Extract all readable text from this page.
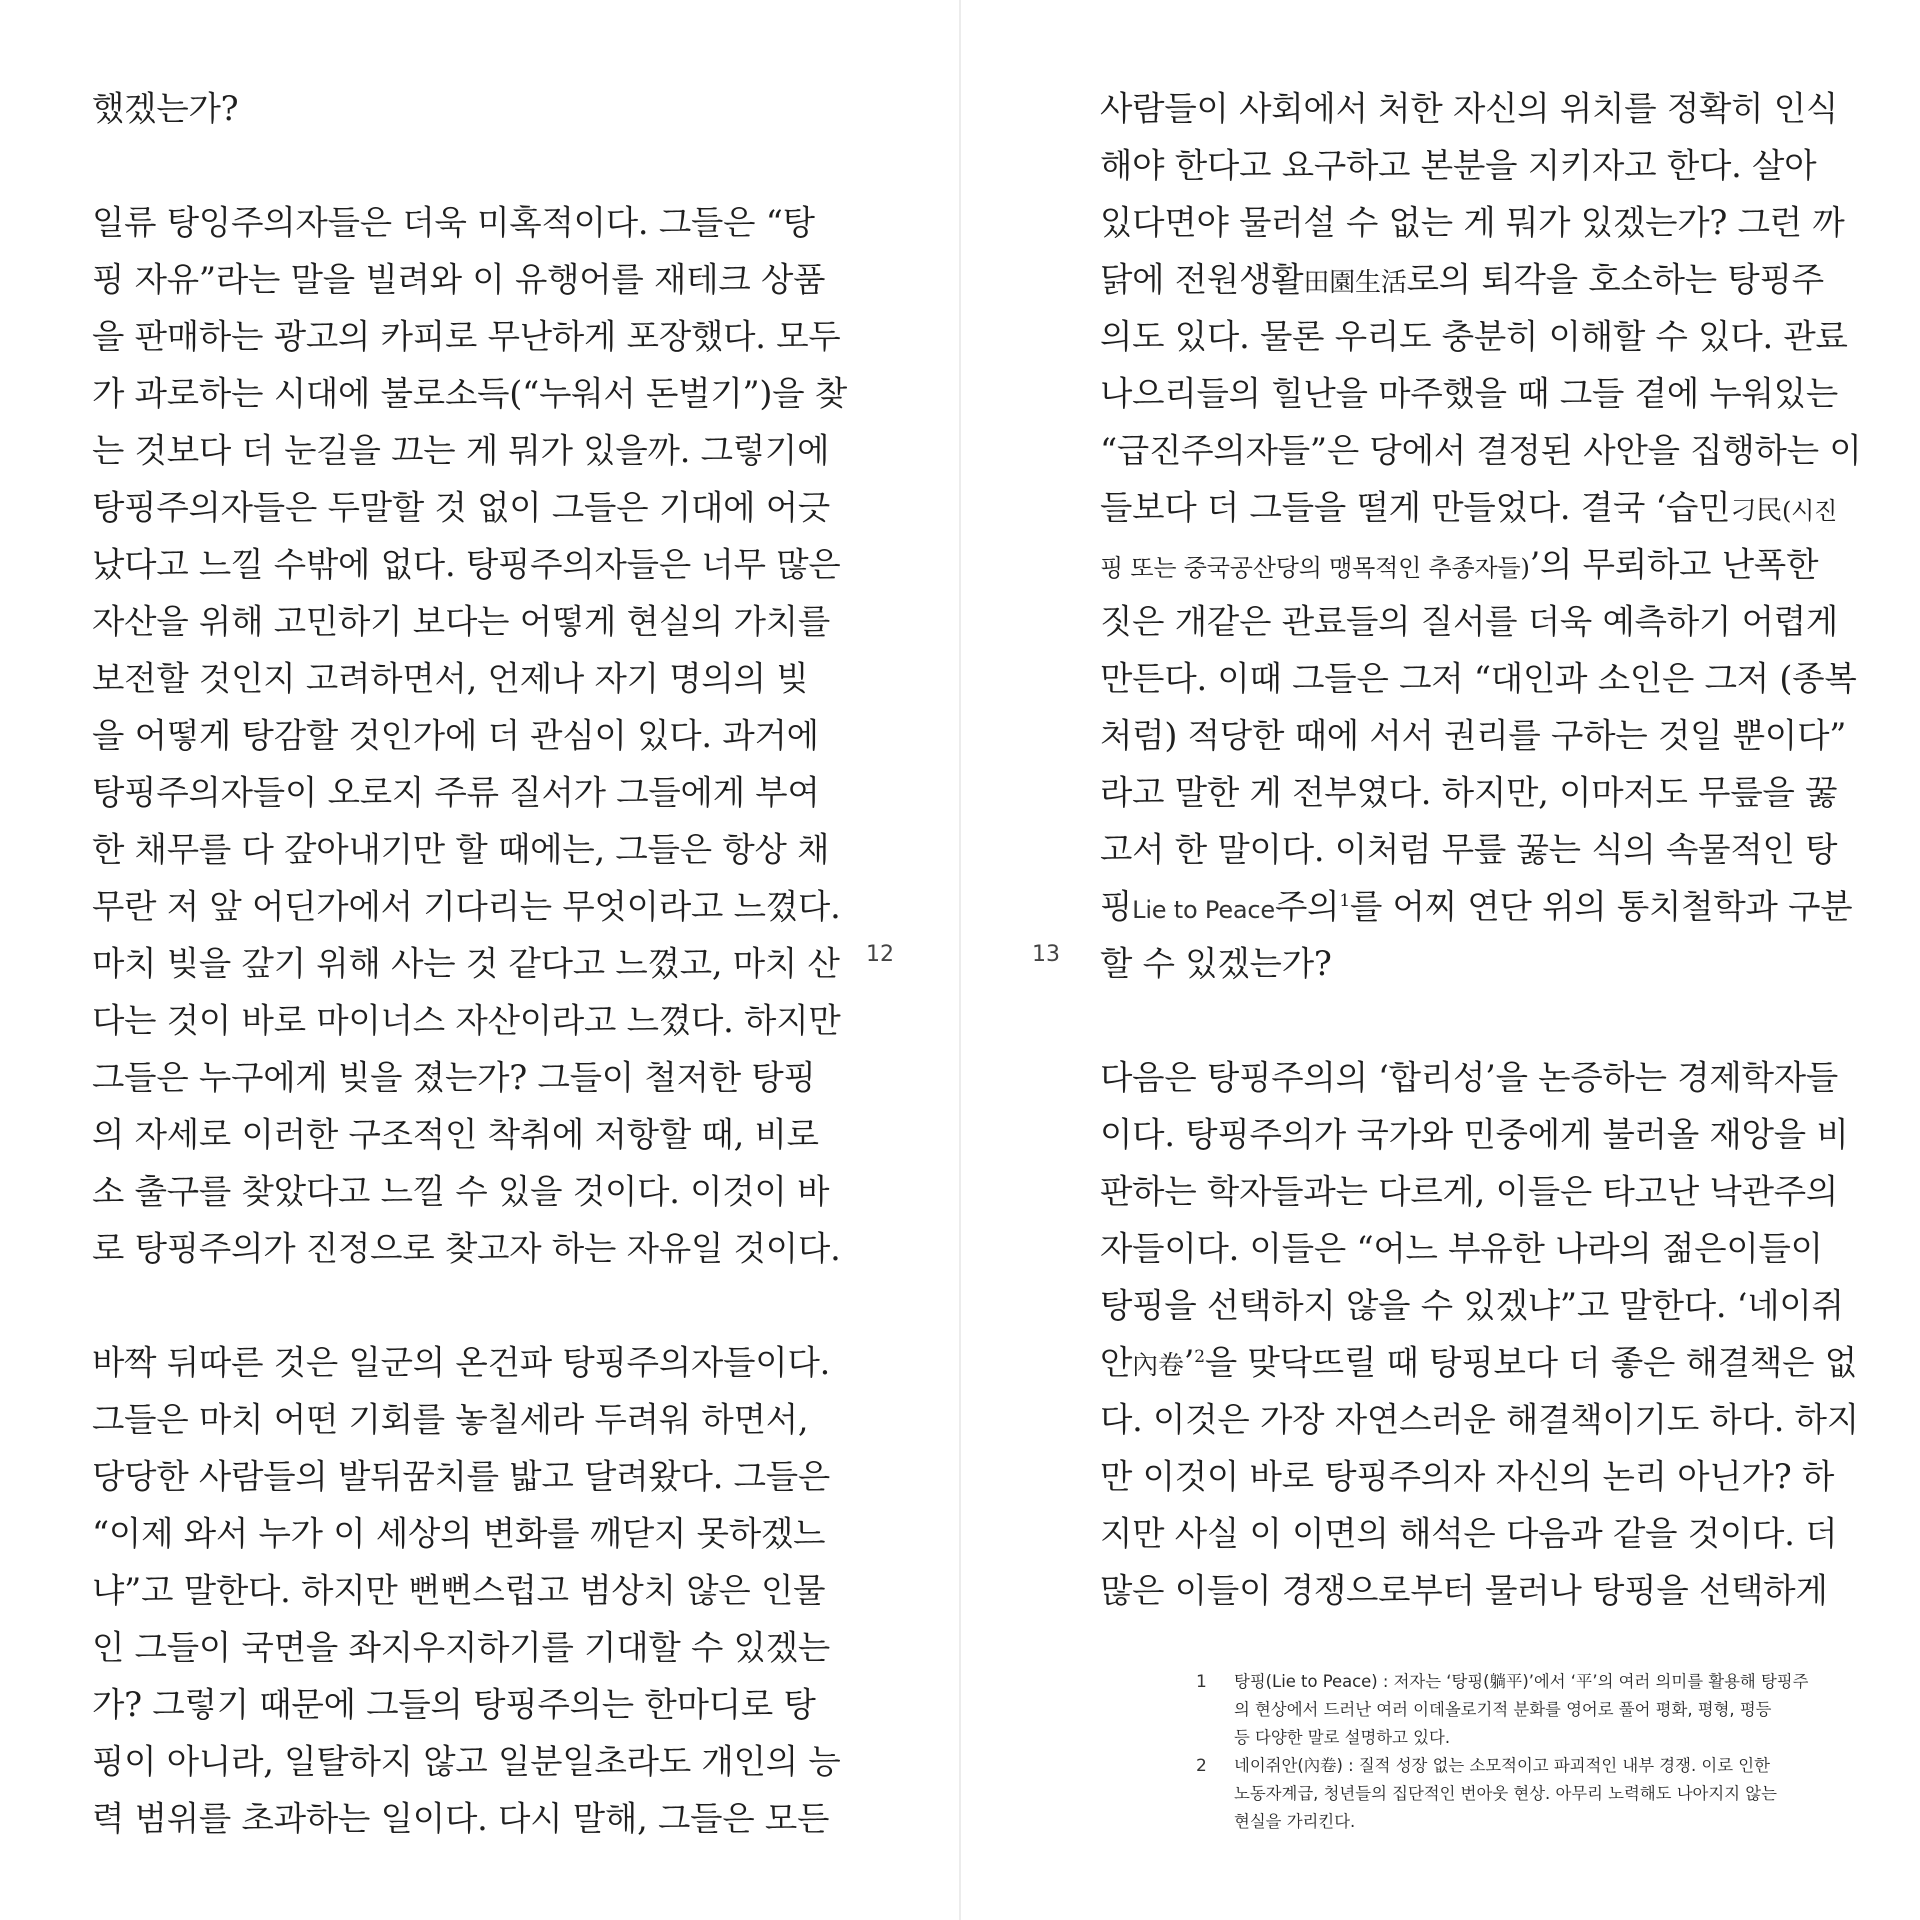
했겠는가?
일류 탕잉주의자들은 더욱 미혹적이다. 그들은 “탕
핑 자유”라는 말을 빌려와 이 유행어를 재테크 상품
을 판매하는 광고의 카피로 무난하게 포장했다. 모두
가 과로하는 시대에 불로소득(“누워서 돈벌기”)을 찾
는 것보다 더 눈길을 끄는 게 뭐가 있을까. 그렇기에
탕핑주의자들은 두말할 것 없이 그들은 기대에 어긋
났다고 느낄 수밖에 없다. 탕핑주의자들은 너무 많은
자산을 위해 고민하기 보다는 어떻게 현실의 가치를
보전할 것인지 고려하면서, 언제나 자기 명의의 빚
을 어떻게 탕감할 것인가에 더 관심이 있다. 과거에
탕핑주의자들이 오로지 주류 질서가 그들에게 부여
한 채무를 다 갚아내기만 할 때에는, 그들은 항상 채
무란 저 앞 어딘가에서 기다리는 무엇이라고 느꼈다.
마치 빚을 갚기 위해 사는 것 같다고 느꼈고, 마치 산
다는 것이 바로 마이너스 자산이라고 느꼈다. 하지만
그들은 누구에게 빚을 졌는가? 그들이 철저한 탕핑
의 자세로 이러한 구조적인 착취에 저항할 때, 비로
소 출구를 찾았다고 느낄 수 있을 것이다. 이것이 바
로 탕핑주의가 진정으로 찾고자 하는 자유일 것이다.
바짝 뒤따른 것은 일군의 온건파 탕핑주의자들이다.
그들은 마치 어떤 기회를 놓칠세라 두려워 하면서,
당당한 사람들의 발뒤꿈치를 밟고 달려왔다. 그들은
“이제 와서 누가 이 세상의 변화를 깨닫지 못하겠느
냐”고 말한다. 하지만 뻔뻔스럽고 범상치 않은 인물
인 그들이 국면을 좌지우지하기를 기대할 수 있겠는
가? 그렇기 때문에 그들의 탕핑주의는 한마디로 탕
핑이 아니라, 일탈하지 않고 일분일초라도 개인의 능
력 범위를 초과하는 일이다. 다시 말해, 그들은 모든
12	13
사람들이 사회에서 처한 자신의 위치를 정확히 인식
해야 한다고 요구하고 본분을 지키자고 한다. 살아
있다면야 물러설 수 없는 게 뭐가 있겠는가? 그런 까
닭에 전원생활田園生活로의 퇴각을 호소하는 탕핑주
의도 있다. 물론 우리도 충분히 이해할 수 있다. 관료
나으리들의 힐난을 마주했을 때 그들 곁에 누워있는
“급진주의자들”은 당에서 결정된 사안을 집행하는 이
들보다 더 그들을 떨게 만들었다. 결국 ‘습민刁民(시진
핑 또는 중국공산당의 맹목적인 추종자들)’의 무뢰하고 난폭한
짓은 개같은 관료들의 질서를 더욱 예측하기 어렵게
만든다. 이때 그들은 그저 “대인과 소인은 그저 (종복
처럼) 적당한 때에 서서 권리를 구하는 것일 뿐이다”
라고 말한 게 전부였다. 하지만, 이마저도 무릎을 꿇
고서 한 말이다. 이처럼 무릎 꿇는 식의 속물적인 탕
핑Lie to Peace주의$^1$를 어찌 연단 위의 통치철학과 구분
할 수 있겠는가?
다음은 탕핑주의의 ‘합리성’을 논증하는 경제학자들
이다. 탕핑주의가 국가와 민중에게 불러올 재앙을 비
판하는 학자들과는 다르게, 이들은 타고난 낙관주의
자들이다. 이들은 “어느 부유한 나라의 젊은이들이
탕핑을 선택하지 않을 수 있겠냐”고 말한다. ‘네이쥐
안內卷’$^2$을 맞닥뜨릴 때 탕핑보다 더 좋은 해결책은 없
다. 이것은 가장 자연스러운 해결책이기도 하다. 하지
만 이것이 바로 탕핑주의자 자신의 논리 아닌가? 하
지만 사실 이 이면의 해석은 다음과 같을 것이다. 더
많은 이들이 경쟁으로부터 물러나 탕핑을 선택하게
1 탕핑(Lie to Peace) : 저자는 ‘탕핑(躺平)’에서 ‘平’의 여러 의미를 활용해 탕핑주
의 현상에서 드러난 여러 이데올로기적 분화를 영어로 풀어 평화, 평형, 평등
등 다양한 말로 설명하고 있다.
2 네이쥐안(內卷) : 질적 성장 없는 소모적이고 파괴적인 내부 경쟁. 이로 인한
노동자계급, 청년들의 집단적인 번아웃 현상. 아무리 노력해도 나아지지 않는
현실을 가리킨다.
